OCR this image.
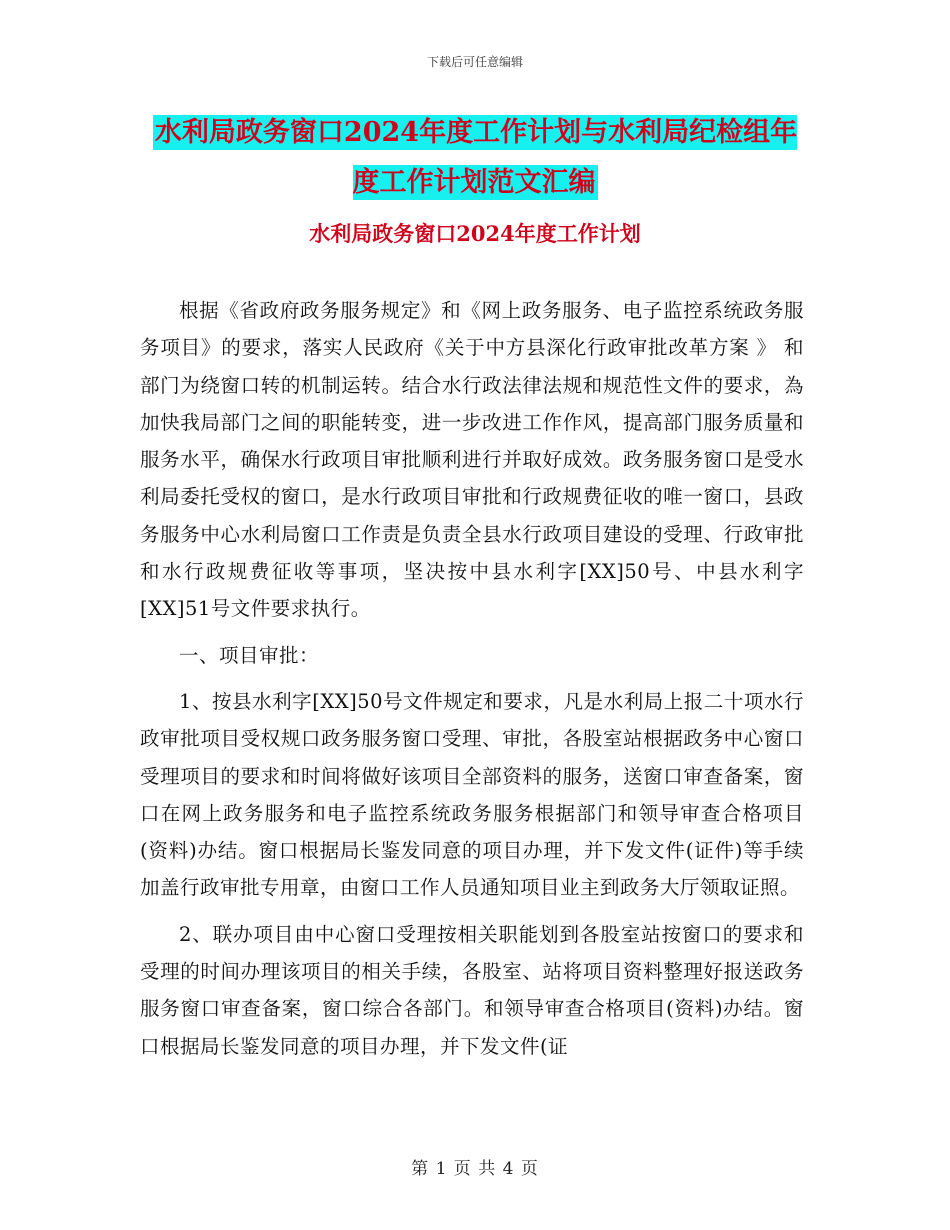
下载后可任意编辑
水利局政务窗口2024年度工作计划与水利局纪检组年度工作计划范文汇编
水利局政务窗口2024年度工作计划

根据《省政府政务服务规定》和《网上政务服务、电子监控系统政务服务项目》的要求，落实人民政府《关于中方县深化行政审批改革方案 》 和部门为绕窗口转的机制运转。结合水行政法律法规和规范性文件的要求，為加快我局部门之间的职能转变，进一步改进工作作风，提高部门服务质量和服务水平，确保水行政项目审批顺利进行并取好成效。政务服务窗口是受水利局委托受权的窗口，是水行政项目审批和行政规费征收的唯一窗口，县政务服务中心水利局窗口工作责是负责全县水行政项目建设的受理、行政审批和水行政规费征收等事项，坚决按中县水利字[XX]50号、中县水利字[XX]51号文件要求执行。

一、项目审批：

1、按县水利字[XX]50号文件规定和要求，凡是水利局上报二十项水行政审批项目受权规口政务服务窗口受理、审批，各股室站根据政务中心窗口受理项目的要求和时间将做好该项目全部资料的服务，送窗口审查备案，窗口在网上政务服务和电子监控系统政务服务根据部门和领导审查合格项目(资料)办结。窗口根据局长鉴发同意的项目办理，并下发文件(证件)等手续加盖行政审批专用章，由窗口工作人员通知项目业主到政务大厅领取证照。

2、联办项目由中心窗口受理按相关职能划到各股室站按窗口的要求和受理的时间办理该项目的相关手续，各股室、站将项目资料整理好报送政务服务窗口审查备案，窗口综合各部门。和领导审查合格项目(资料)办结。窗口根据局长鉴发同意的项目办理，并下发文件(证

第 1 页 共 4 页
